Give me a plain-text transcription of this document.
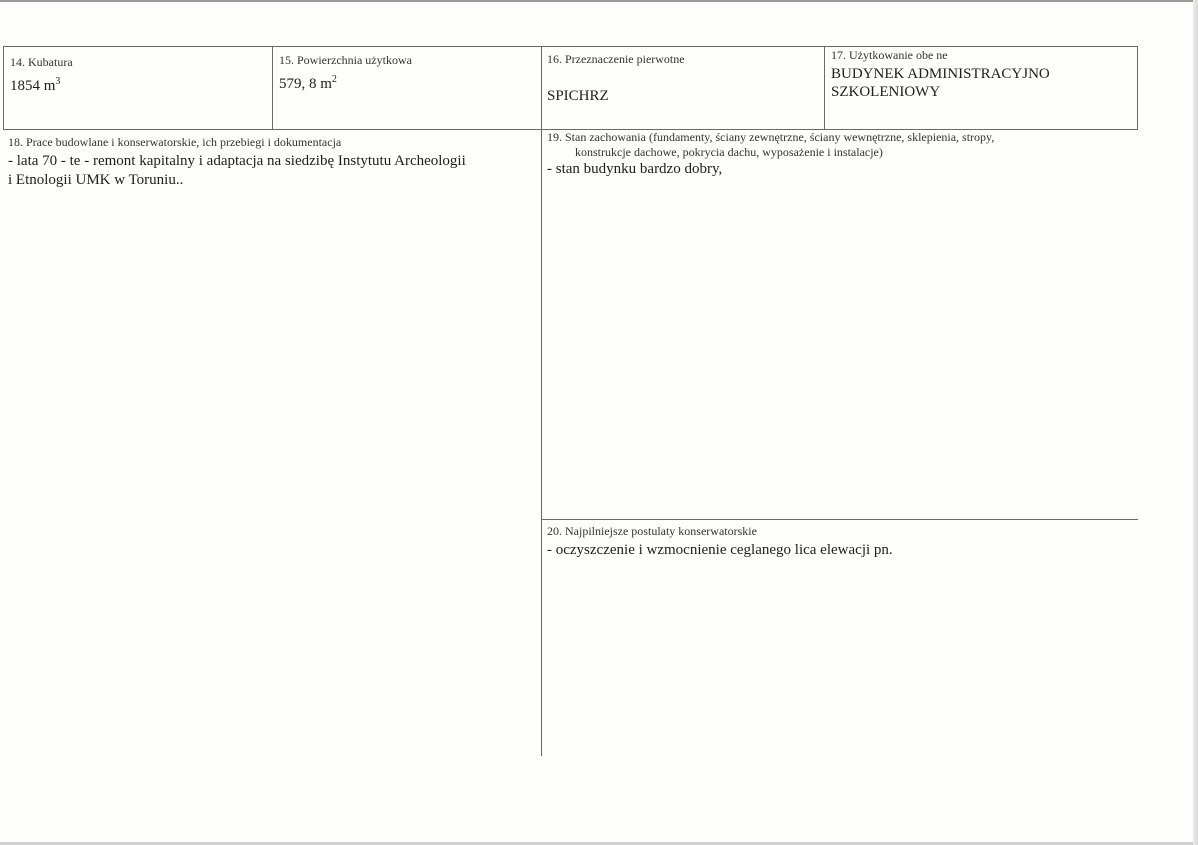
14. Kubatura
1854 $m^3$
15. Powierzchnia użytkowa
579, 8 $m^2$
16. Przeznaczenie pierwotne
SPICHRZ
17. Użytkowanie obe ne
BUDYNEK ADMINISTRACYJNO
SZKOLENIOWY
18. Prace budowlane i konserwatorskie, ich przebiegi i dokumentacja
- lata 70 - te - remont kapitalny i adaptacja na siedzibę Instytutu Archeologii
i Etnologii UMK w Toruniu..
19. Stan zachowania (fundamenty, ściany zewnętrzne, ściany wewnętrzne, sklepienia, stropy,
konstrukcje dachowe, pokrycia dachu, wyposażenie i instalacje)
- stan budynku bardzo dobry,
20. Najpilniejsze postulaty konserwatorskie
- oczyszczenie i wzmocnienie ceglanego lica elewacji pn.
